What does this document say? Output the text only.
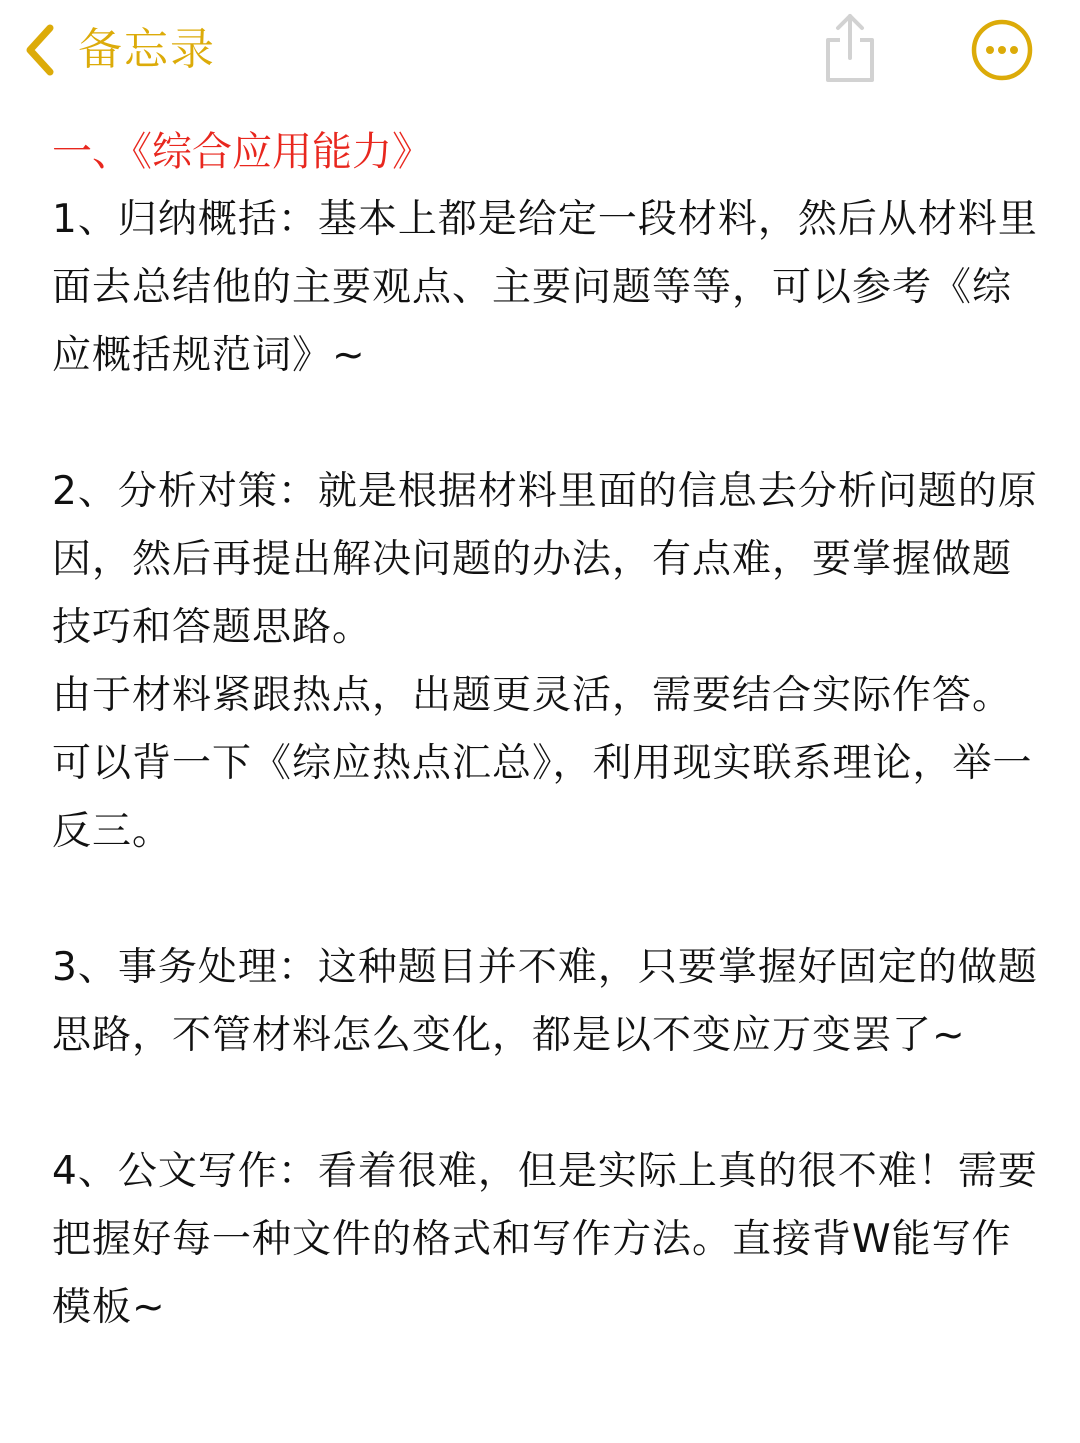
备忘录

一、《综合应用能力》

1、归纳概括：基本上都是给定一段材料，然后从材料里面去总结他的主要观点、主要问题等等，可以参考《综应概括规范词》~

2、分析对策：就是根据材料里面的信息去分析问题的原因，然后再提出解决问题的办法，有点难，要掌握做题技巧和答题思路。

由于材料紧跟热点，出题更灵活，需要结合实际作答。可以背一下《综应热点汇总》，利用现实联系理论，举一反三。

3、事务处理：这种题目并不难，只要掌握好固定的做题思路，不管材料怎么变化，都是以不变应万变罢了~

4、公文写作：看着很难，但是实际上真的很不难！需要把握好每一种文件的格式和写作方法。直接背W能写作模板~
